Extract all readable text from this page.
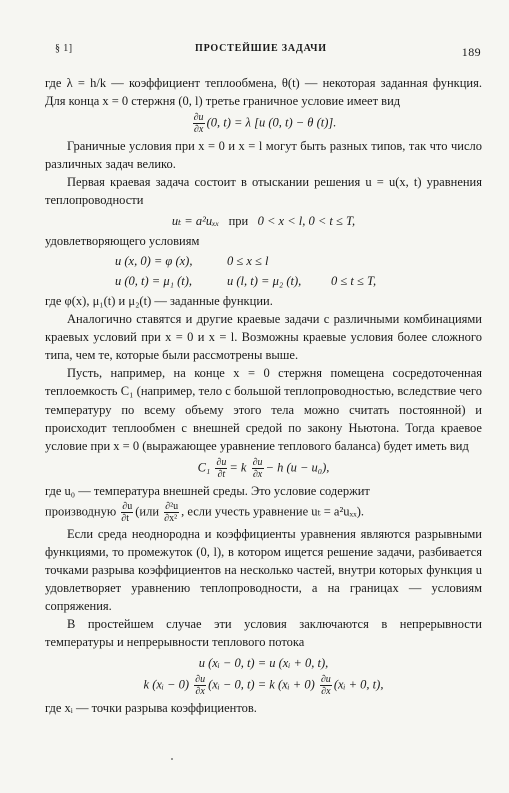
§ 1]	ПРОСТЕЙШИЕ ЗАДАЧИ	189

где λ = h/k — коэффициент теплообмена, θ(t) — некоторая заданная функция. Для конца x = 0 стержня (0, l) третье граничное условие имеет вид

$\frac{\partial u}{\partial x} (0$, t) = λ [u (0, t) − θ (t)].

Граничные условия при x = 0 и x = l могут быть разных типов, так что число различных задач велико.

Первая краевая задача состоит в отыскании решения u = u(x, t) уравнения теплопроводности

uₜ = a²uₓₓ при 0 < x < l, 0 < t ≤ T,

удовлетворяющего условиям

u (x, 0) = φ (x),	0 ≤ x ≤ l
u (0, t) = μ₁ (t),	u (l, t) = μ₂ (t),	0 ≤ t ≤ T,

где φ(x), μ₁(t) и μ₂(t) — заданные функции.

Аналогично ставятся и другие краевые задачи с различными комбинациями краевых условий при x = 0 и x = l. Возможны краевые условия более сложного типа, чем те, которые были рассмотрены выше.

Пусть, например, на конце x = 0 стержня помещена сосредоточенная теплоемкость C₁ (например, тело с большой теплопроводностью, вследствие чего температуру по всему объему этого тела можно считать постоянной) и происходит теплообмен с внешней средой по закону Ньютона. Тогда краевое условие при x = 0 (выражающее уравнение теплового баланса) будет иметь вид

$C_1 \frac{\partial u}{\partial t} = k \frac{\partial u}{\partial x} - h$ (u − u₀),

где u₀ — температура внешней среды. Это условие содержит

производную $\frac{\partial u}{\partial t} (или \frac{\text{∂²u}}{\text{∂x²}}$ , если учесть уравнение uₜ = a²uₓₓ).

Если среда неоднородна и коэффициенты уравнения являются разрывными функциями, то промежуток (0, l), в котором ищется решение задачи, разбивается точками разрыва коэффициентов на несколько частей, внутри которых функция u удовлетворяет уравнению теплопроводности, а на границах — условиям сопряжения.

В простейшем случае эти условия заключаются в непрерывности температуры и непрерывности теплового потока

u (xᵢ − 0, t) = u (xᵢ + 0, t),
k (xᵢ − $0) \frac{\partial u}{\partial x}$ (xᵢ − 0, t) = k (xᵢ + $0) \frac{\partial u}{\partial x}$ (xᵢ + 0, t),

где xᵢ — точки разрыва коэффициентов.
